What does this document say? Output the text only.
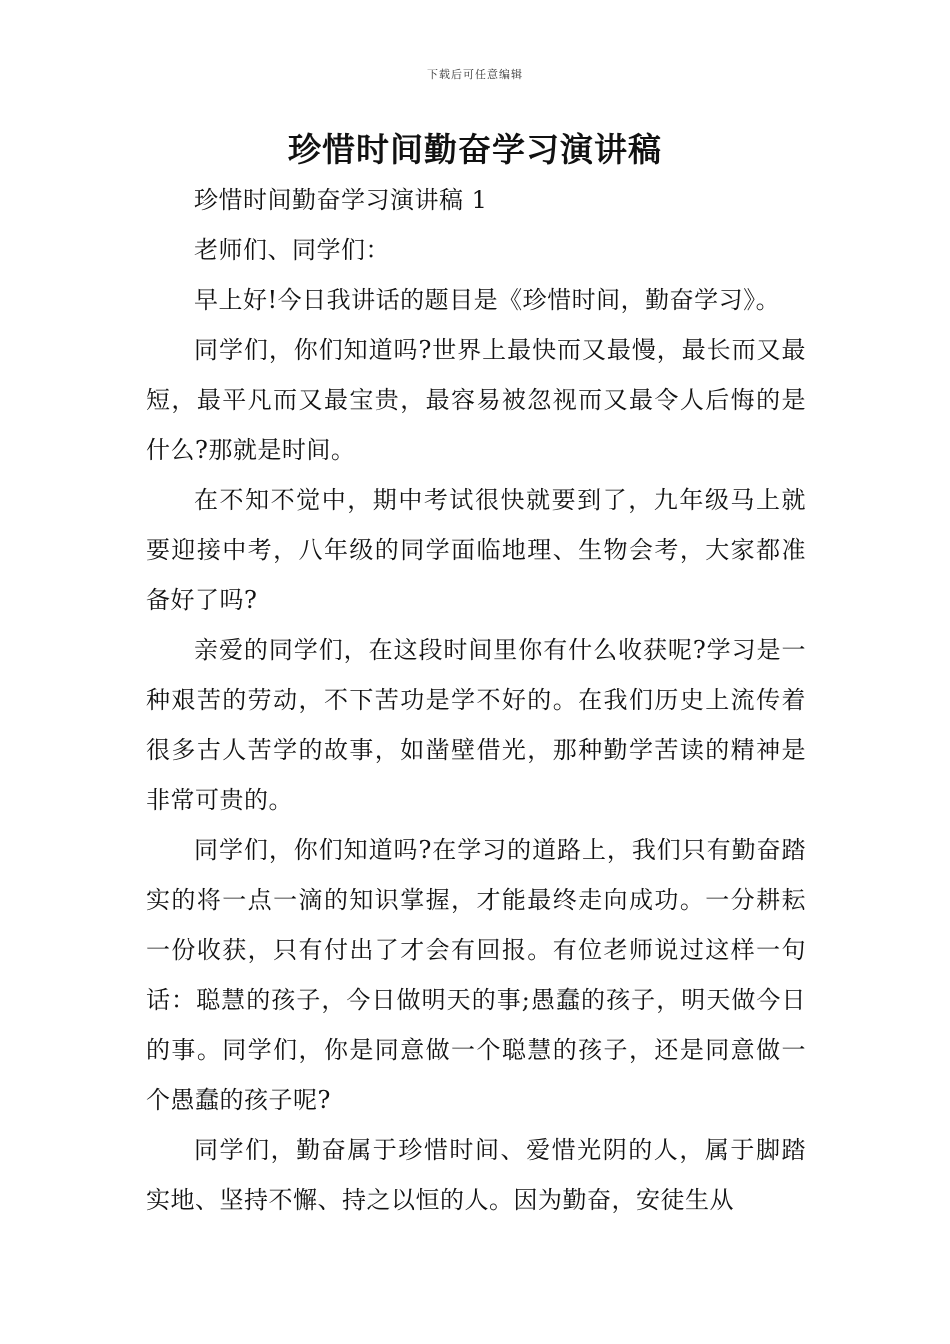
下载后可任意编辑
珍惜时间勤奋学习演讲稿

珍惜时间勤奋学习演讲稿 1

老师们、同学们：

早上好!今日我讲话的题目是《珍惜时间，勤奋学习》。

同学们，你们知道吗?世界上最快而又最慢，最长而又最短，最平凡而又最宝贵，最容易被忽视而又最令人后悔的是什么?那就是时间。

在不知不觉中，期中考试很快就要到了，九年级马上就要迎接中考，八年级的同学面临地理、生物会考，大家都准备好了吗?

亲爱的同学们，在这段时间里你有什么收获呢?学习是一种艰苦的劳动，不下苦功是学不好的。在我们历史上流传着很多古人苦学的故事，如凿壁借光，那种勤学苦读的精神是非常可贵的。

同学们，你们知道吗?在学习的道路上，我们只有勤奋踏实的将一点一滴的知识掌握，才能最终走向成功。一分耕耘一份收获，只有付出了才会有回报。有位老师说过这样一句话：聪慧的孩子，今日做明天的事;愚蠢的孩子，明天做今日的事。同学们，你是同意做一个聪慧的孩子，还是同意做一个愚蠢的孩子呢?

同学们，勤奋属于珍惜时间、爱惜光阴的人，属于脚踏实地、坚持不懈、持之以恒的人。因为勤奋，安徒生从
